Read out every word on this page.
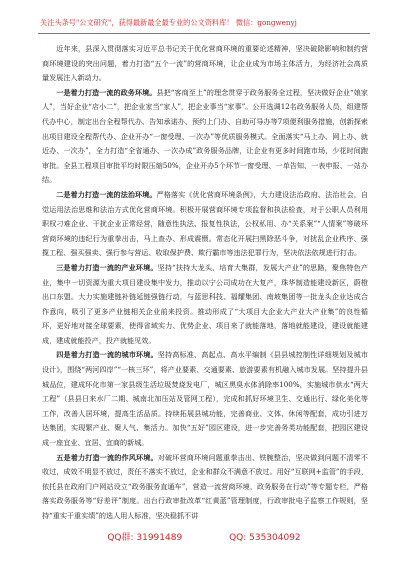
关注头条号"公文研究"，获得最新最全最专业的公文资料库！ 微信：gongwenyj

近年来，县深入贯彻落实习近平总书记关于优化营商环境的重要论述精神，坚决破除影响和制约营商环境建设的突出问题，着力打造“五个一流”的营商环境，让企业成为市场主体活力，为经济社会高质量发展注入新动力。

一是着力打造一流的政务环境。县把“客商至上”的理念贯穿于政务服务全过程，坚决做好企业“娘家人”，当好企业“店小二”，把企业家当“家人”，把企业事当“家事”。公开选调12名政务服务人员，组建帮代办中心，制定出台全程帮代办、告知承诺办、预约上门办、自助可导办等7项便利服务措施，创新探索出项目建设全程帮代办、企业开办“一窗受理、一次办”等优质服务模式。全面落实“马上办、网上办、就近办、一次办”，全力打造“全省通办、一次办成”政务服务品牌，让企业有更多时间跑市场，少花时间跑审批。全县工程项目审批平均时限压缩50%，企业开办5个环节一窗受理、一单告知、一表申报、一站办结。

二是着力打造一流的法治环境。严格落实《优化营商环境条例》，大力建设法治政府、法治社会，自觉运用法治思维和法治方式优化营商环境。积极开展营商环境专项监督和执法检查，对于公职人员利用职权刁难企业、干扰企业正常经营，随意性执法、报复性执法，公权私用、办“关系案”“人情案”等破坏营商环境的违纪行为重拳出击，马上查办、形成震慑。常态化开展扫黑除恶斗争，对扰乱企业秩序、强揽工程、强买强卖、强行参与营运、收取保护费、欺行霸市等违法犯罪行为，坚决依法依规进行打击。

三是着力打造一流的产业环境。坚持“扶持大龙头，培育大集群，发展大产业”的思路，聚焦特色产业，集中一切资源为重大项目建设集中发力，推动以宁公司成功在大复产，珠华制造能建设新区，蔚橙出口东盟。大力实施建链补链延链强链行动，与蓝思科技、福耀集团、南坡集团等一批龙头企业达成合作意向，吸引了更多产业链相关企业前来投资。推动形成了“大项目大企业大产业大产业集”的良性循环，更好地对接全球要素，使得省域实力、优势企业、项目来了就能落地，落地就能建设，建设就能建成，建成就能投产，投产就能见效。

四是着力打造一流的城市环境。坚持高标准、高起点、高水平编制《县县城控制性详细规划及城市设计》，围绕“两河四岸”“一核三环”，将产业要素、交通要素、旅游要素有机融入城市发展。坚持提升县城品位，建成环化市第一家县级生活垃圾焚烧发电厂，城区黑臭水体消除率100%，实施城市供水“两大工程”（县县日来水厂二期、城南北加压站及管网工程），完成和抓好环境卫生、交通出行、绿化美化等工作，改善人居环境，提高生活品质。持续拓展县城功能，完善商业、文体、休闲等配套，成功引进万达集团，实现繁产业、聚人气、集活力。加快“五好”园区建设，进一步完善务类功能配套，把园区建设成一座宜业、宜居、宜商的新城。

五是着力打造一流的作风环境。对破坏营商环境问题重拳击出、铁腕整治，坚决做到问题不清零不收过，成效不明显不放过，责任不落实不放过，企业和群众不满意不放过。用好“互联网+监管”的手段，依托县在政府门户网站设立“政务服务直通车”，营造一流营商环境，政务服务在行动”等专题专栏，严格落实政务服务等“好差评”制度。出台行政审批改革“红黄蓝”管理制度，行政审批电子监察工作规则，坚持“重实干重实绩”的选人用人标准，坚决稳抓不讲

QQ群: 31991489	QQ: 535304092
